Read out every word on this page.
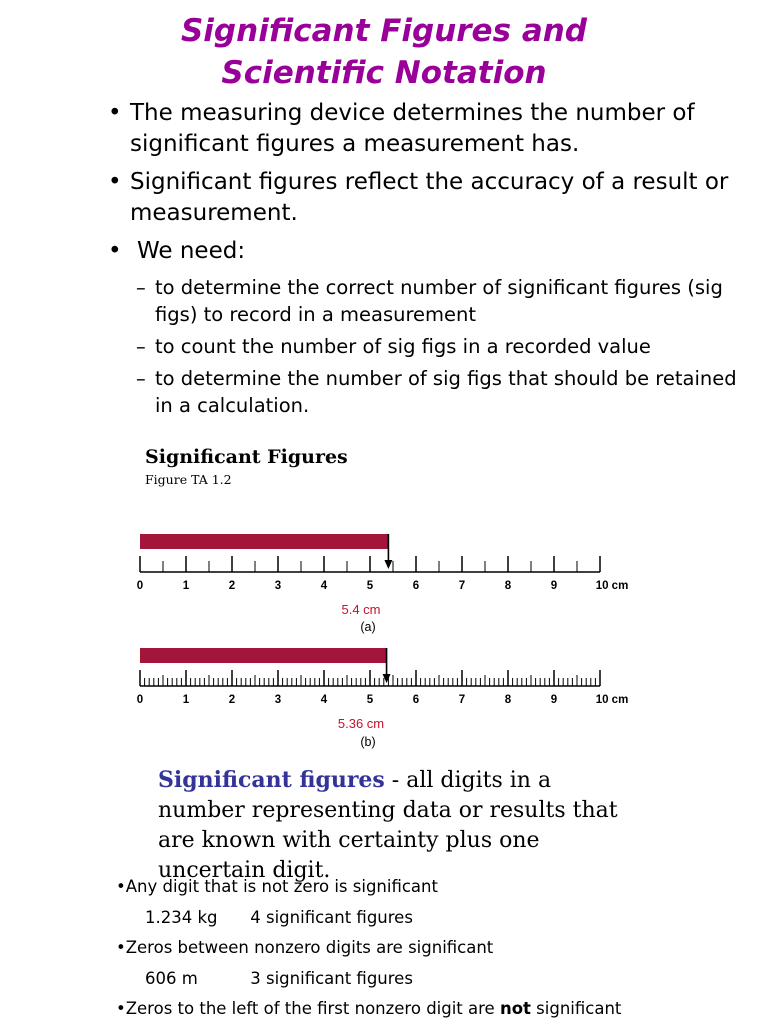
Significant Figures and
Scientific Notation
• The measuring device determines the number of significant figures a measurement has.
• Significant figures reflect the accuracy of a result or measurement.
• We need:
– to determine the correct number of significant figures (sig figs) to record in a measurement
– to count the number of sig figs in a recorded value
– to determine the number of sig figs that should be retained in a calculation.
0	1	2	3	4	5	6	7	8	9	10 cm
5.4 cm
(a)
0	1	2	3	4	5	6	7	8	9	10 cm
5.36 cm
(b)
Significant Figures
Figure TA 1.2
Significant figures - all digits in a number representing data or results that are known with certainty plus one uncertain digit.
•Any digit that is not zero is significant
1.234 kg 4 significant figures
•Zeros between nonzero digits are significant
606 m	3 significant figures
•Zeros to the left of the first nonzero digit are not significant
